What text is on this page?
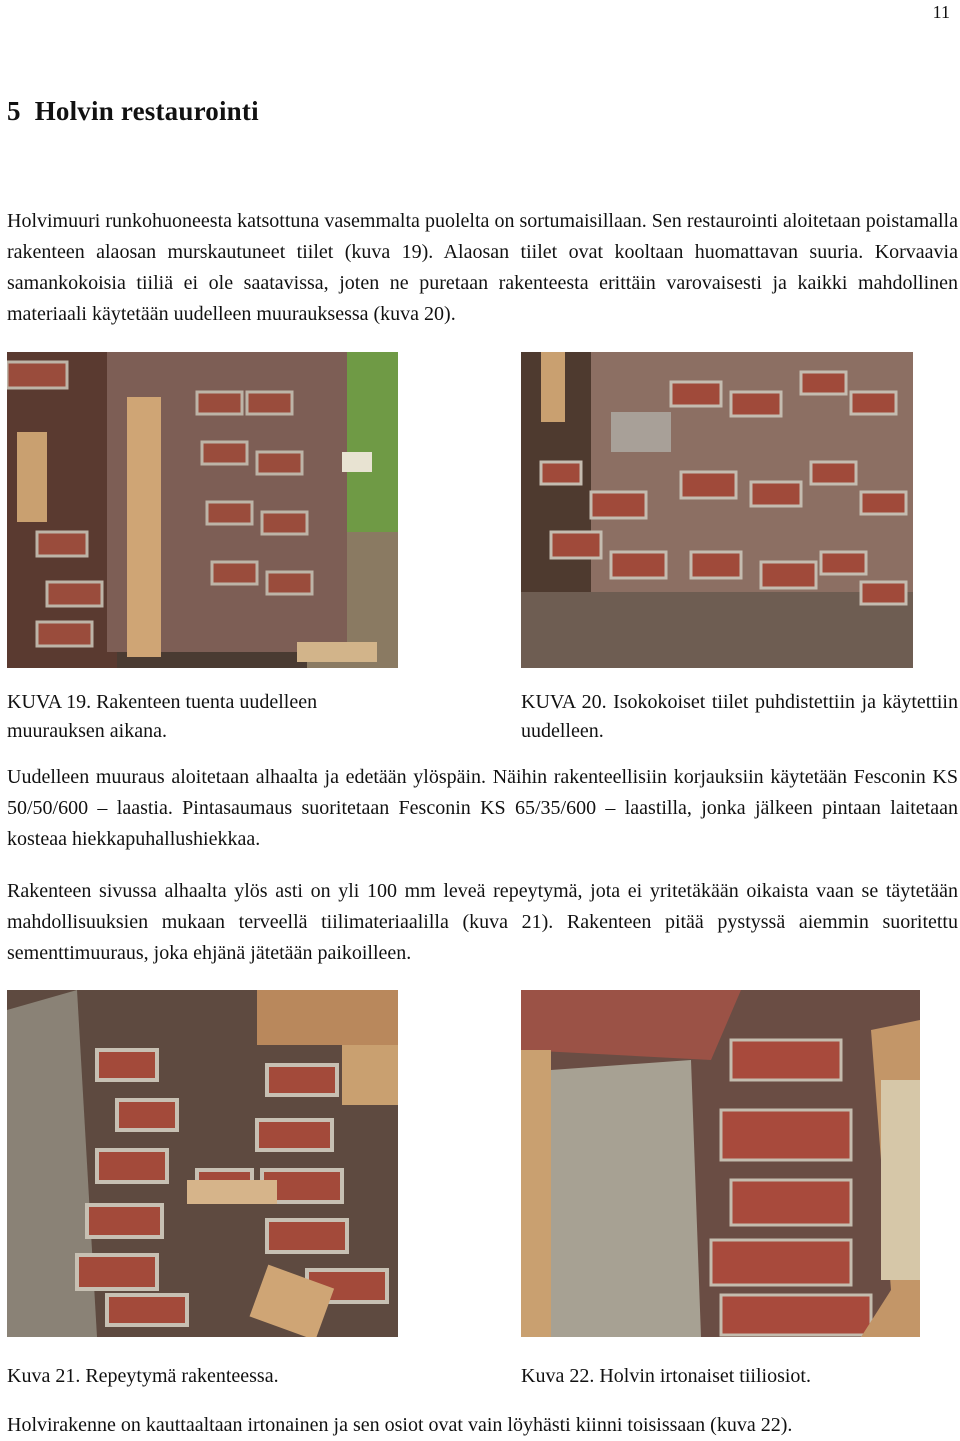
11
5 Holvin restaurointi

Holvimuuri runkohuoneesta katsottuna vasemmalta puolelta on sortumaisillaan. Sen restaurointi aloitetaan poistamalla rakenteen alaosan murskautuneet tiilet (kuva 19). Alaosan tiilet ovat kooltaan huomattavan suuria. Korvaavia samankokoisia tiiliä ei ole saatavissa, joten ne puretaan rakenteesta erittäin varovaisesti ja kaikki mahdollinen materiaali käytetään uudelleen muurauksessa (kuva 20).

KUVA 19. Rakenteen tuenta uudelleen muurauksen aikana.

KUVA 20. Isokokoiset tiilet puhdistettiin ja käytettiin uudelleen.

Uudelleen muuraus aloitetaan alhaalta ja edetään ylöspäin. Näihin rakenteellisiin korjauksiin käytetään Fesconin KS 50/50/600 – laastia. Pintasaumaus suoritetaan Fesconin KS 65/35/600 – laastilla, jonka jälkeen pintaan laitetaan kosteaa hiekkapuhallushiekkaa.

Rakenteen sivussa alhaalta ylös asti on yli 100 mm leveä repeytymä, jota ei yritetäkään oikaista vaan se täytetään mahdollisuuksien mukaan terveellä tiilimateriaalilla (kuva 21). Rakenteen pitää pystyssä aiemmin suoritettu sementtimuuraus, joka ehjänä jätetään paikoilleen.

Kuva 21. Repeytymä rakenteessa.	Kuva 22. Holvin irtonaiset tiiliosiot.

Holvirakenne on kauttaaltaan irtonainen ja sen osiot ovat vain löyhästi kiinni toisissaan (kuva 22).
